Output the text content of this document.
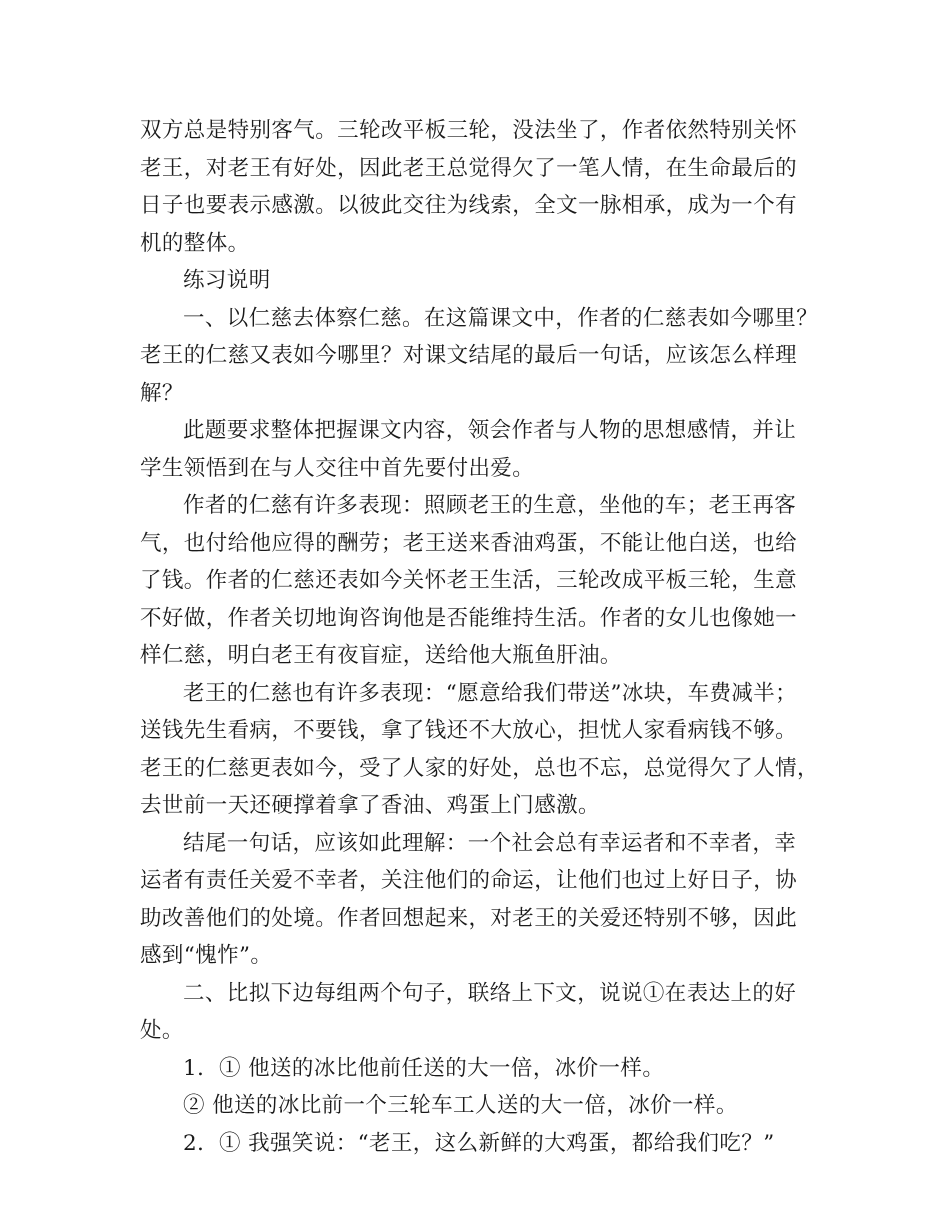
双方总是特别客气。三轮改平板三轮，没法坐了，作者依然特别关怀
老王，对老王有好处，因此老王总觉得欠了一笔人情，在生命最后的
日子也要表示感激。以彼此交往为线索，全文一脉相承，成为一个有
机的整体。
练习说明
一、以仁慈去体察仁慈。在这篇课文中，作者的仁慈表如今哪里？
老王的仁慈又表如今哪里？对课文结尾的最后一句话，应该怎么样理
解？
此题要求整体把握课文内容，领会作者与人物的思想感情，并让
学生领悟到在与人交往中首先要付出爱。
作者的仁慈有许多表现：照顾老王的生意，坐他的车；老王再客
气，也付给他应得的酬劳；老王送来香油鸡蛋，不能让他白送，也给
了钱。作者的仁慈还表如今关怀老王生活，三轮改成平板三轮，生意
不好做，作者关切地询咨询他是否能维持生活。作者的女儿也像她一
样仁慈，明白老王有夜盲症，送给他大瓶鱼肝油。
老王的仁慈也有许多表现：“愿意给我们带送”冰块，车费减半；
送钱先生看病，不要钱，拿了钱还不大放心，担忧人家看病钱不够。
老王的仁慈更表如今，受了人家的好处，总也不忘，总觉得欠了人情，
去世前一天还硬撑着拿了香油、鸡蛋上门感激。
结尾一句话，应该如此理解：一个社会总有幸运者和不幸者，幸
运者有责任关爱不幸者，关注他们的命运，让他们也过上好日子，协
助改善他们的处境。作者回想起来，对老王的关爱还特别不够，因此
感到“愧怍”。
二、比拟下边每组两个句子，联络上下文，说说①在表达上的好
处。
1．① 他送的冰比他前任送的大一倍，冰价一样。
② 他送的冰比前一个三轮车工人送的大一倍，冰价一样。
2．① 我强笑说：“老王，这么新鲜的大鸡蛋，都给我们吃？”
